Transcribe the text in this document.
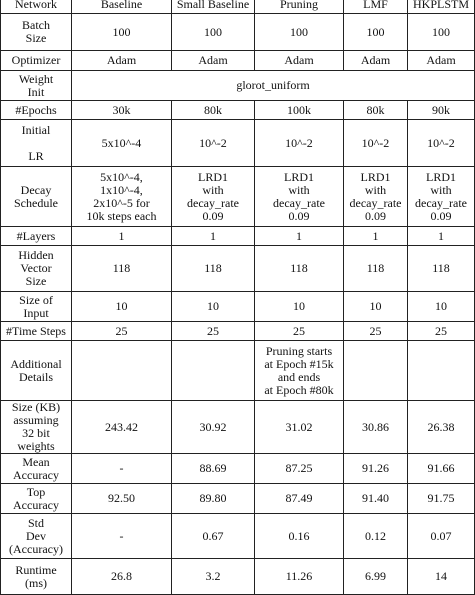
Network	Baseline	Small Baseline	Pruning	LMF	HKPLSTM
Batch
Size	100	100	100	100	100
Optimizer	Adam	Adam	Adam	Adam	Adam
Weight
Init	glorot_uniform				
#Epochs	30k	80k	100k	80k	90k
Initial

LR	5x10^-4	10^-2	10^-2	10^-2	10^-2
Decay
Schedule	5x10^-4,
1x10^-4,
2x10^-5 for
10k steps each	LRD1
with
decay_rate
0.09	LRD1
with
decay_rate
0.09	LRD1
with
decay_rate
0.09	LRD1
with
decay_rate
0.09
#Layers	1	1	1	1	1
Hidden
Vector
Size	118	118	118	118	118
Size of
Input	10	10	10	10	10
#Time Steps	25	25	25	25	25
Additional
Details			Pruning starts
at Epoch #15k
and ends
at Epoch #80k		
Size (KB)
assuming
32 bit weights	243.42	30.92	31.02	30.86	26.38
Mean
Accuracy	-	88.69	87.25	91.26	91.66
Top
Accuracy	92.50	89.80	87.49	91.40	91.75
Std
Dev
(Accuracy)	-	0.67	0.16	0.12	0.07
Runtime
(ms)	26.8	3.2	11.26	6.99	14
